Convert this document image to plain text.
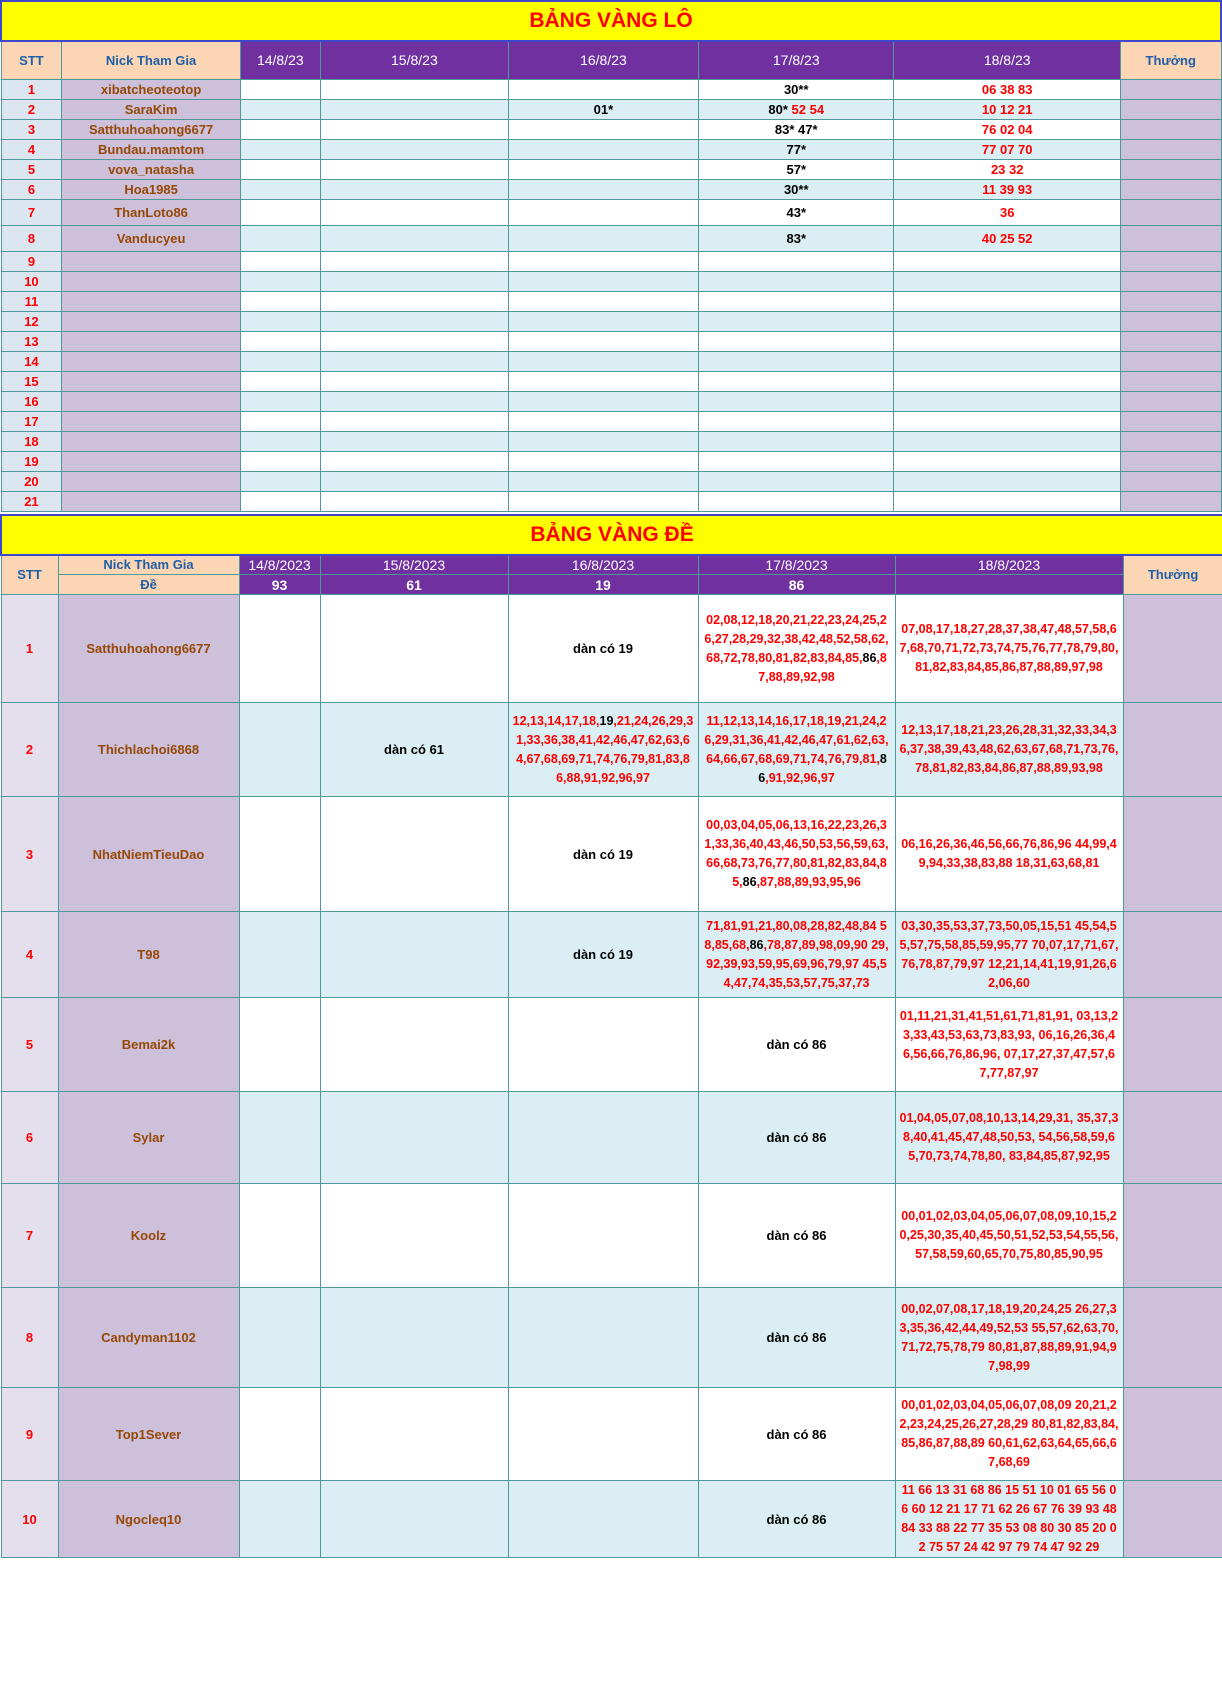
BẢNG VÀNG LÔ							
STT	Nick Tham Gia	14/8/23	15/8/23	16/8/23	17/8/23	18/8/23	Thưởng
1	xibatcheoteotop				30**	06 38 83	
2	SaraKim			01*	80* 52 54	10 12 21	
3	Satthuhoahong6677				83* 47*	76 02 04	
4	Bundau.mamtom				77*	77 07 70	
5	vova_natasha				57*	23 32	
6	Hoa1985				30**	11 39 93	
7	ThanLoto86				43*	36	
8	Vanducyeu				83*	40 25 52	
9							
10							
11							
12							
13							
14							
15							
16							
17							
18							
19							
20							
21							
BẢNG VÀNG ĐỀ							
STT	Nick Tham Gia	14/8/2023	15/8/2023	16/8/2023	17/8/2023	18/8/2023	Thưởng
	Đề	93	61	19	86		
1	Satthuhoahong6677			dàn có 19	02,08,12,18,20,21,22,23,24,25,26,27,28,29,32,38,42,48,52,58,62,68,72,78,80,81,82,83,84,85,86,87,88,89,92,98	07,08,17,18,27,28,37,38,47,48,57,58,67,68,70,71,72,73,74,75,76,77,78,79,80,81,82,83,84,85,86,87,88,89,97,98	
2	Thichlachoi6868		dàn có 61	12,13,14,17,18,19,21,24,26,29,31,33,36,38,41,42,46,47,62,63,64,67,68,69,71,74,76,79,81,83,86,88,91,92,96,97	11,12,13,14,16,17,18,19,21,24,26,29,31,36,41,42,46,47,61,62,63,64,66,67,68,69,71,74,76,79,81,86,91,92,96,97	12,13,17,18,21,23,26,28,31,32,33,34,36,37,38,39,43,48,62,63,67,68,71,73,76,78,81,82,83,84,86,87,88,89,93,98	
3	NhatNiemTieuDao			dàn có 19	00,03,04,05,06,13,16,22,23,26,31,33,36,40,43,46,50,53,56,59,63,66,68,73,76,77,80,81,82,83,84,85,86,87,88,89,93,95,96	06,16,26,36,46,56,66,76,86,96 44,99,49,94,33,38,83,88 18,31,63,68,81	
4	T98			dàn có 19	71,81,91,21,80,08,28,82,48,84 58,85,68,86,78,87,89,98,09,90 29,92,39,93,59,95,69,96,79,97 45,54,47,74,35,53,57,75,37,73	03,30,35,53,37,73,50,05,15,51 45,54,55,57,75,58,85,59,95,77 70,07,17,71,67,76,78,87,79,97 12,21,14,41,19,91,26,62,06,60	
5	Bemai2k				dàn có 86	01,11,21,31,41,51,61,71,81,91, 03,13,23,33,43,53,63,73,83,93, 06,16,26,36,46,56,66,76,86,96, 07,17,27,37,47,57,67,77,87,97	
6	Sylar				dàn có 86	01,04,05,07,08,10,13,14,29,31, 35,37,38,40,41,45,47,48,50,53, 54,56,58,59,65,70,73,74,78,80, 83,84,85,87,92,95	
7	Koolz				dàn có 86	00,01,02,03,04,05,06,07,08,09,10,15,20,25,30,35,40,45,50,51,52,53,54,55,56,57,58,59,60,65,70,75,80,85,90,95	
8	Candyman1102				dàn có 86	00,02,07,08,17,18,19,20,24,25 26,27,33,35,36,42,44,49,52,53 55,57,62,63,70,71,72,75,78,79 80,81,87,88,89,91,94,97,98,99	
9	Top1Sever				dàn có 86	00,01,02,03,04,05,06,07,08,09 20,21,22,23,24,25,26,27,28,29 80,81,82,83,84,85,86,87,88,89 60,61,62,63,64,65,66,67,68,69	
10	Ngocleq10				dàn có 86	11 66 13 31 68 86 15 51 10 01 65 56 06 60 12 21 17 71 62 26 67 76 39 93 48 84 33 88 22 77 35 53 08 80 30 85 20 02 75 57 24 42 97 79 74 47 92 29	
